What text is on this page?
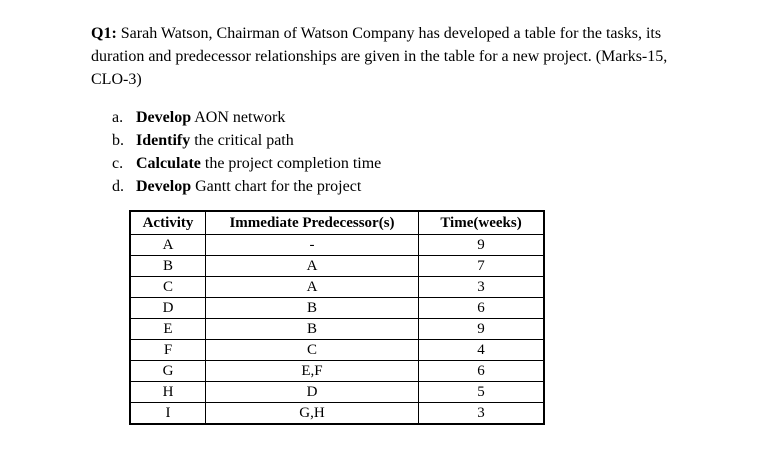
Q1: Sarah Watson, Chairman of Watson Company has developed a table for the tasks, its duration and predecessor relationships are given in the table for a new project. (Marks-15, CLO-3)
a. Develop AON network
b. Identify the critical path
c. Calculate the project completion time
d. Develop Gantt chart for the project
Activity	Immediate Predecessor(s)	Time(weeks)
A	-	9
B	A	7
C	A	3
D	B	6
E	B	9
F	C	4
G	E,F	6
H	D	5
I	G,H	3
